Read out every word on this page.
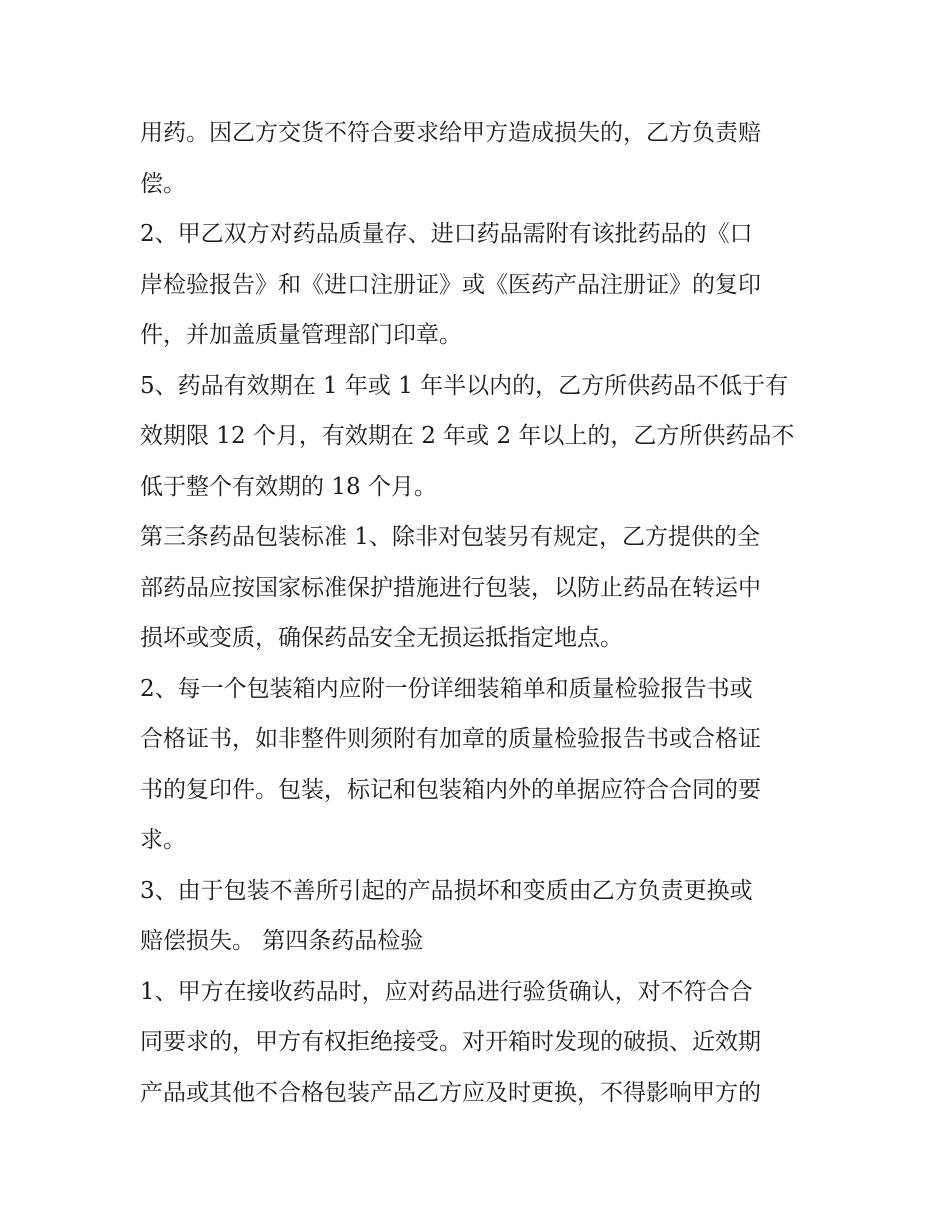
用药。因乙方交货不符合要求给甲方造成损失的，乙方负责赔
偿。

2、甲乙双方对药品质量存、进口药品需附有该批药品的《口
岸检验报告》和《进口注册证》或《医药产品注册证》的复印
件，并加盖质量管理部门印章。

5、药品有效期在 1 年或 1 年半以内的，乙方所供药品不低于有
效期限 12 个月，有效期在 2 年或 2 年以上的，乙方所供药品不
低于整个有效期的 18 个月。

第三条药品包装标准 1、除非对包装另有规定，乙方提供的全
部药品应按国家标准保护措施进行包装，以防止药品在转运中
损坏或变质，确保药品安全无损运抵指定地点。

2、每一个包装箱内应附一份详细装箱单和质量检验报告书或
合格证书，如非整件则须附有加章的质量检验报告书或合格证
书的复印件。包装，标记和包装箱内外的单据应符合合同的要
求。

3、由于包装不善所引起的产品损坏和变质由乙方负责更换或
赔偿损失。 第四条药品检验

1、甲方在接收药品时，应对药品进行验货确认，对不符合合
同要求的，甲方有权拒绝接受。对开箱时发现的破损、近效期
产品或其他不合格包装产品乙方应及时更换，不得影响甲方的
